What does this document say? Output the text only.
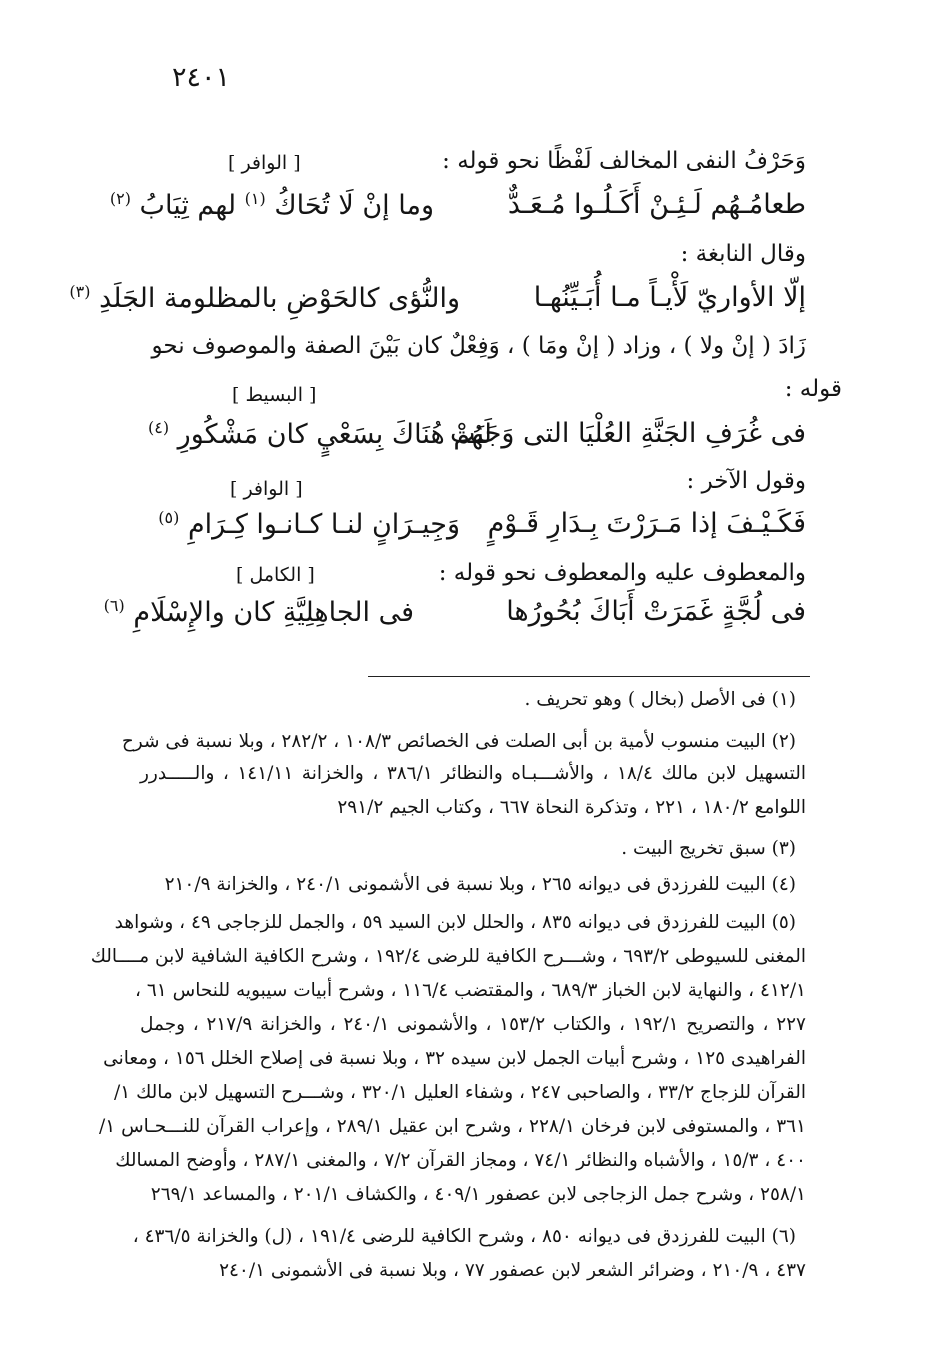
٢٤٠١
وَحَرْفُ النفى المخالف لَفْظًا نحو قوله :
[ الوافر ]
طعامُـهُم لَـئِـنْ أَكَـلُـوا مُـعَـدٌّ
وما إنْ لَا تُحَاكُ $^{(١)}$ لهم ثِيَابُ $^{(٢)}$
وقال النابغة :
إلّا الأواريّ لَأْيـاً مـا أُبَـيِّنُهـا
والنُّؤى كالحَوْضِ بالمظلومة الجَلَدِ $^{(٣)}$
زَادَ ( إنْ ولا ) ، وزاد ( إنْ ومَا ) ، وَفِعْلٌ كان بَيْنَ الصفة والموصوف نحو
قوله :
[ البسيط ]
فى غُرَفِ الجَنَّةِ العُلْيَا التى وَجَبَتْ
لَهُم هُنَاكَ بِسَعْيٍ كان مَشْكُورِ $^{(٤)}$
وقول الآخر :
[ الوافر ]
فَكَـيْـفَ إذا مَـرَرْتَ بِـدَارِ قَـوْمٍ
وَجِيـرَانٍ لنـا كـانـوا كِـرَامِ $^{(٥)}$
والمعطوف عليه والمعطوف نحو قوله :
[ الكامل ]
فى لُجَّةٍ غَمَرَتْ أَبَاكَ بُحُورُها
فى الجاهِلِيَّةِ كان والإِسْلَامِ $^{(٦)}$
(١) فى الأصل (بخال ) وهو تحريف .
(٢) البيت منسوب لأمية بن أبى الصلت فى الخصائص ١٠٨/٣ ، ٢٨٢/٢ ، وبلا نسبة فى شرح
التسهيل لابن مالك ١٨/٤ ، والأشـــبـاه والنظائر ٣٨٦/١ ، والخزانة ١٤١/١١ ، والـــــدرر
اللوامع ١٨٠/٢ ، ٢٢١ ، وتذكرة النحاة ٦٦٧ ، وكتاب الجيم ٢٩١/٢
(٣) سبق تخريج البيت .
(٤) البيت للفرزدق فى ديوانه ٢٦٥ ، وبلا نسبة فى الأشمونى ٢٤٠/١ ، والخزانة ٢١٠/٩
(٥) البيت للفرزدق فى ديوانه ٨٣٥ ، والحلل لابن السيد ٥٩ ، والجمل للزجاجى ٤٩ ، وشواهد
المغنى للسيوطى ٦٩٣/٢ ، وشـــرح الكافية للرضى ١٩٢/٤ ، وشرح الكافية الشافية لابن مــــالك
٤١٢/١ ، والنهاية لابن الخباز ٦٨٩/٣ ، والمقتضب ١١٦/٤ ، وشرح أبيات سيبويه للنحاس ٦١ ،
٢٢٧ ، والتصريح ١٩٢/١ ، والكتاب ١٥٣/٢ ، والأشمونى ٢٤٠/١ ، والخزانة ٢١٧/٩ ، وجمل
الفراهيدى ١٢٥ ، وشرح أبيات الجمل لابن سيده ٣٢ ، وبلا نسبة فى إصلاح الخلل ١٥٦ ، ومعانى
القرآن للزجاج ٣٣/٢ ، والصاحبى ٢٤٧ ، وشفاء العليل ٣٢٠/١ ، وشـــرح التسهيل لابن مالك ١/
٣٦١ ، والمستوفى لابن فرخان ٢٢٨/١ ، وشرح ابن عقيل ٢٨٩/١ ، وإعراب القرآن للنـــحـاس ١/
٤٠٠ ، ١٥/٣ ، والأشباه والنظائر ٧٤/١ ، ومجاز القرآن ٧/٢ ، والمغنى ٢٨٧/١ ، وأوضح المسالك
٢٥٨/١ ، وشرح جمل الزجاجى لابن عصفور ٤٠٩/١ ، والكشاف ٢٠١/١ ، والمساعد ٢٦٩/١
(٦) البيت للفرزدق فى ديوانه ٨٥٠ ، وشرح الكافية للرضى ١٩١/٤ ، (ل) والخزانة ٤٣٦/٥ ،
٤٣٧ ، ٢١٠/٩ ، وضرائر الشعر لابن عصفور ٧٧ ، وبلا نسبة فى الأشمونى ٢٤٠/١
